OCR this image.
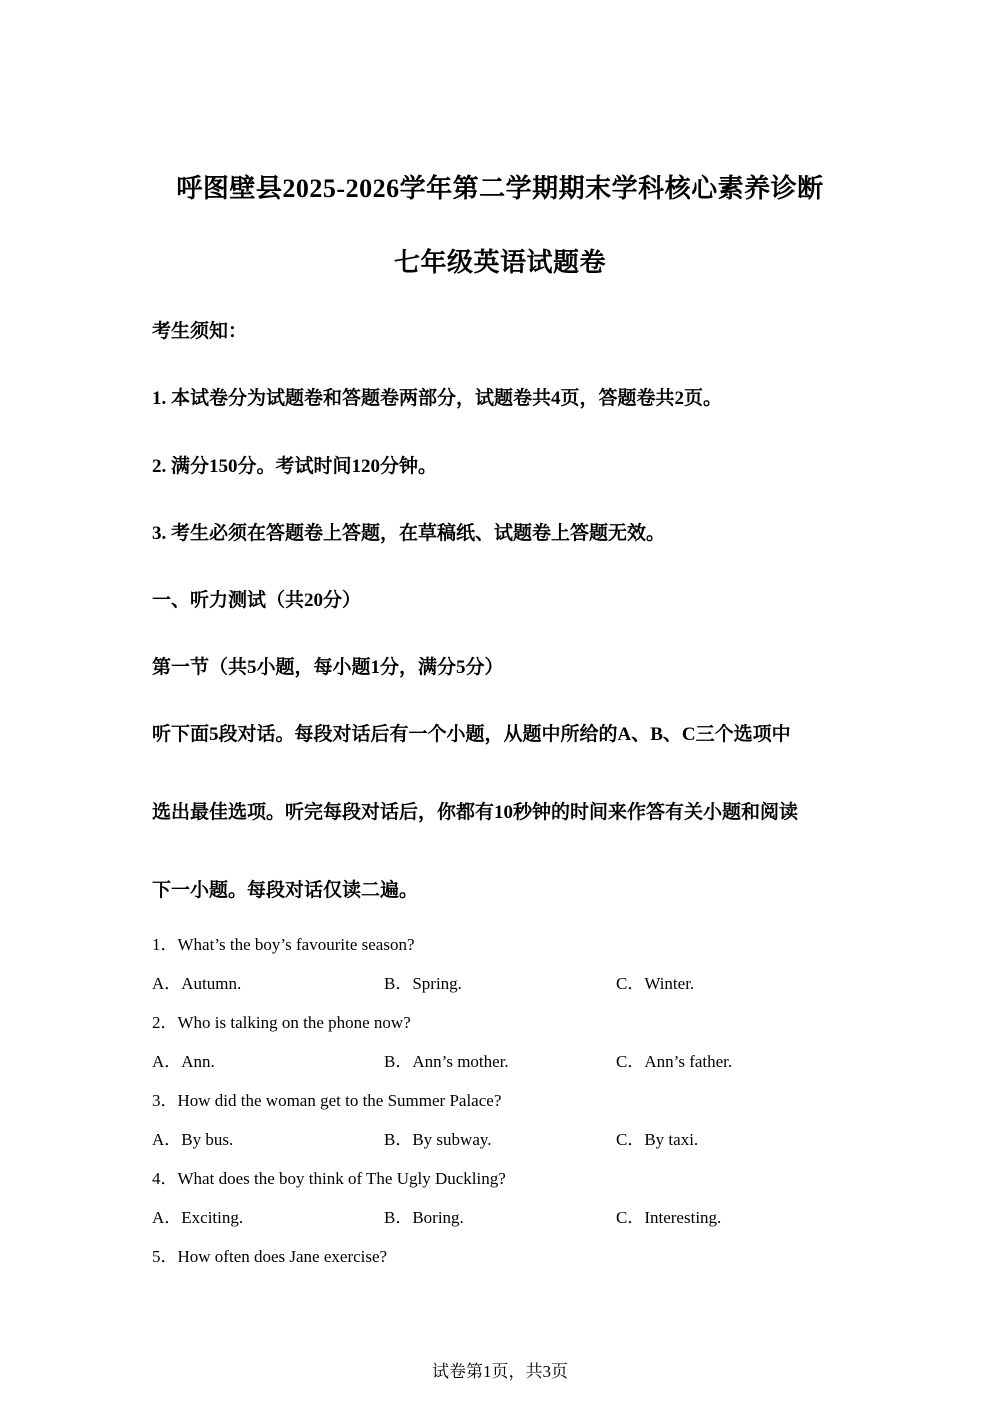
呼图壁县2025-2026学年第二学期期末学科核心素养诊断
七年级英语试题卷
考生须知：
1. 本试卷分为试题卷和答题卷两部分，试题卷共4页，答题卷共2页。
2. 满分150分。考试时间120分钟。
3. 考生必须在答题卷上答题，在草稿纸、试题卷上答题无效。
一、听力测试（共20分）
第一节（共5小题，每小题1分，满分5分）
听下面5段对话。每段对话后有一个小题，从题中所给的A、B、C三个选项中
选出最佳选项。听完每段对话后，你都有10秒钟的时间来作答有关小题和阅读
下一小题。每段对话仅读二遍。
1．What’s the boy’s favourite season?
A．Autumn.	B．Spring.	C．Winter.
2．Who is talking on the phone now?
A．Ann.	B．Ann’s mother.	C．Ann’s father.
3．How did the woman get to the Summer Palace?
A．By bus.	B．By subway.	C．By taxi.
4．What does the boy think of The Ugly Duckling?
A．Exciting.	B．Boring.	C．Interesting.
5．How often does Jane exercise?
试卷第1页，共3页
